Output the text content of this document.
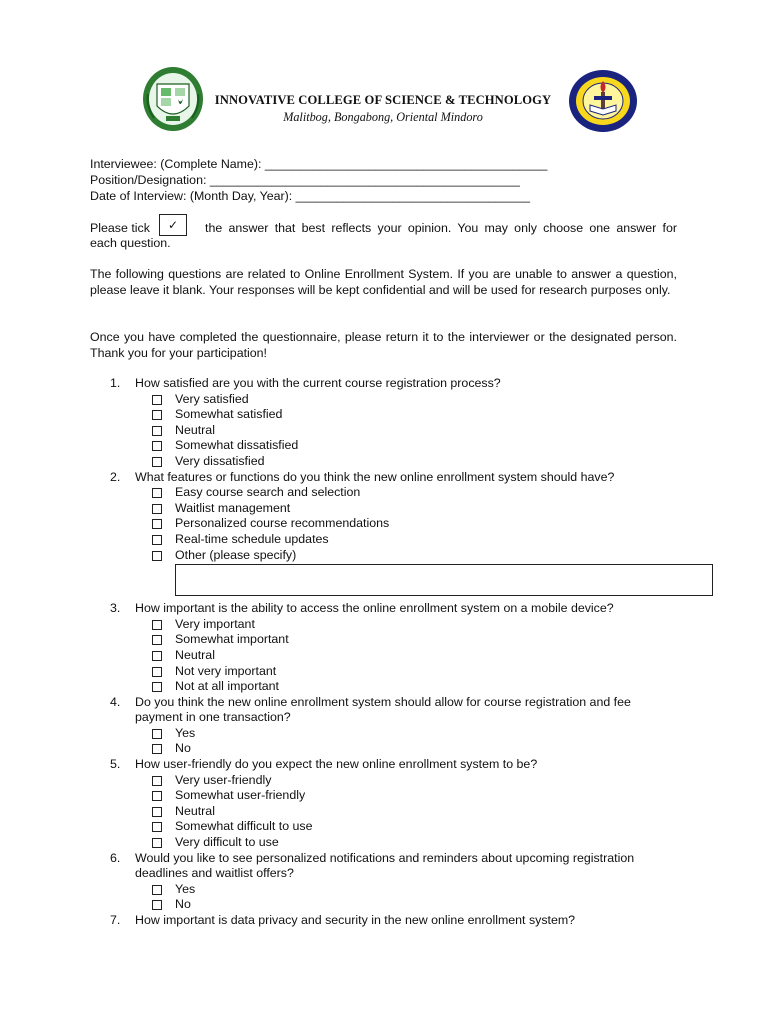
INNOVATIVE COLLEGE OF SCIENCE & TECHNOLOGY
Malitbog, Bongabong, Oriental Mindoro
Interviewee: (Complete Name): _________________________________________
Position/Designation: _____________________________________________
Date of Interview: (Month Day, Year): __________________________________
Please tick	✓	the answer that best reflects your opinion. You may only choose one answer for
each question.
The following questions are related to Online Enrollment System. If you are unable to answer a question, please leave it blank. Your responses will be kept confidential and will be used for research purposes only.
Once you have completed the questionnaire, please return it to the interviewer or the designated person. Thank you for your participation!
1. How satisfied are you with the current course registration process?
Very satisfied
Somewhat satisfied
Neutral
Somewhat dissatisfied
Very dissatisfied
2. What features or functions do you think the new online enrollment system should have?
Easy course search and selection
Waitlist management
Personalized course recommendations
Real-time schedule updates
Other (please specify)
3. How important is the ability to access the online enrollment system on a mobile device?
Very important
Somewhat important
Neutral
Not very important
Not at all important
4. Do you think the new online enrollment system should allow for course registration and fee payment in one transaction?
Yes
No
5. How user-friendly do you expect the new online enrollment system to be?
Very user-friendly
Somewhat user-friendly
Neutral
Somewhat difficult to use
Very difficult to use
6. Would you like to see personalized notifications and reminders about upcoming registration deadlines and waitlist offers?
Yes
No
7. How important is data privacy and security in the new online enrollment system?
